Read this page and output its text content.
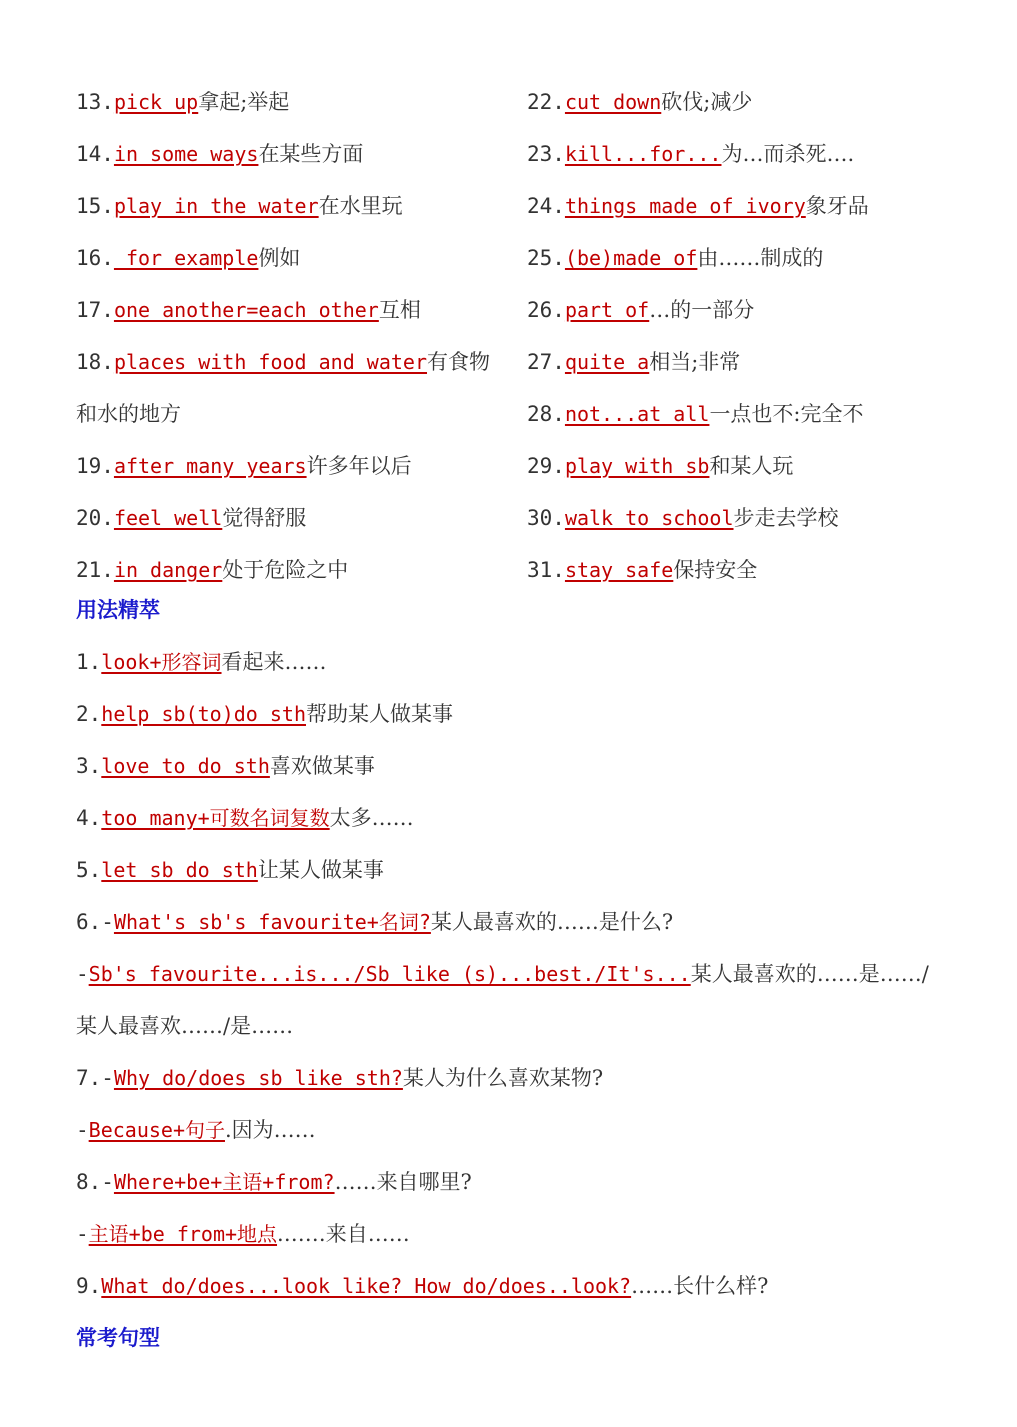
13.pick up拿起;举起
14.in some ways在某些方面
15.play in the water在水里玩
16. for example例如
17.one another=each other互相
18.places with food and water有食物
和水的地方
19.after many years许多年以后
20.feel well觉得舒服
21.in danger处于危险之中
22.cut down砍伐;减少
23.kill...for...为…而杀死….
24.things made of ivory象牙品
25.(be)made of由……制成的
26.part of…的一部分
27.quite a相当;非常
28.not...at all一点也不:完全不
29.play with sb和某人玩
30.walk to school步走去学校
31.stay safe保持安全
用法精萃
1.look+形容词看起来……
2.help sb(to)do sth帮助某人做某事
3.love to do sth喜欢做某事
4.too many+可数名词复数太多……
5.let sb do sth让某人做某事
6.-What's sb's favourite+名词?某人最喜欢的……是什么?
-Sb's favourite...is.../Sb like (s)...best./It's...某人最喜欢的……是……/
某人最喜欢……/是……
7.-Why do/does sb like sth?某人为什么喜欢某物?
-Because+句子.因为……
8.-Where+be+主语+from?……来自哪里?
-主语+be from+地点.……来自……
9.What do/does...look like? How do/does..look?……长什么样?
常考句型
